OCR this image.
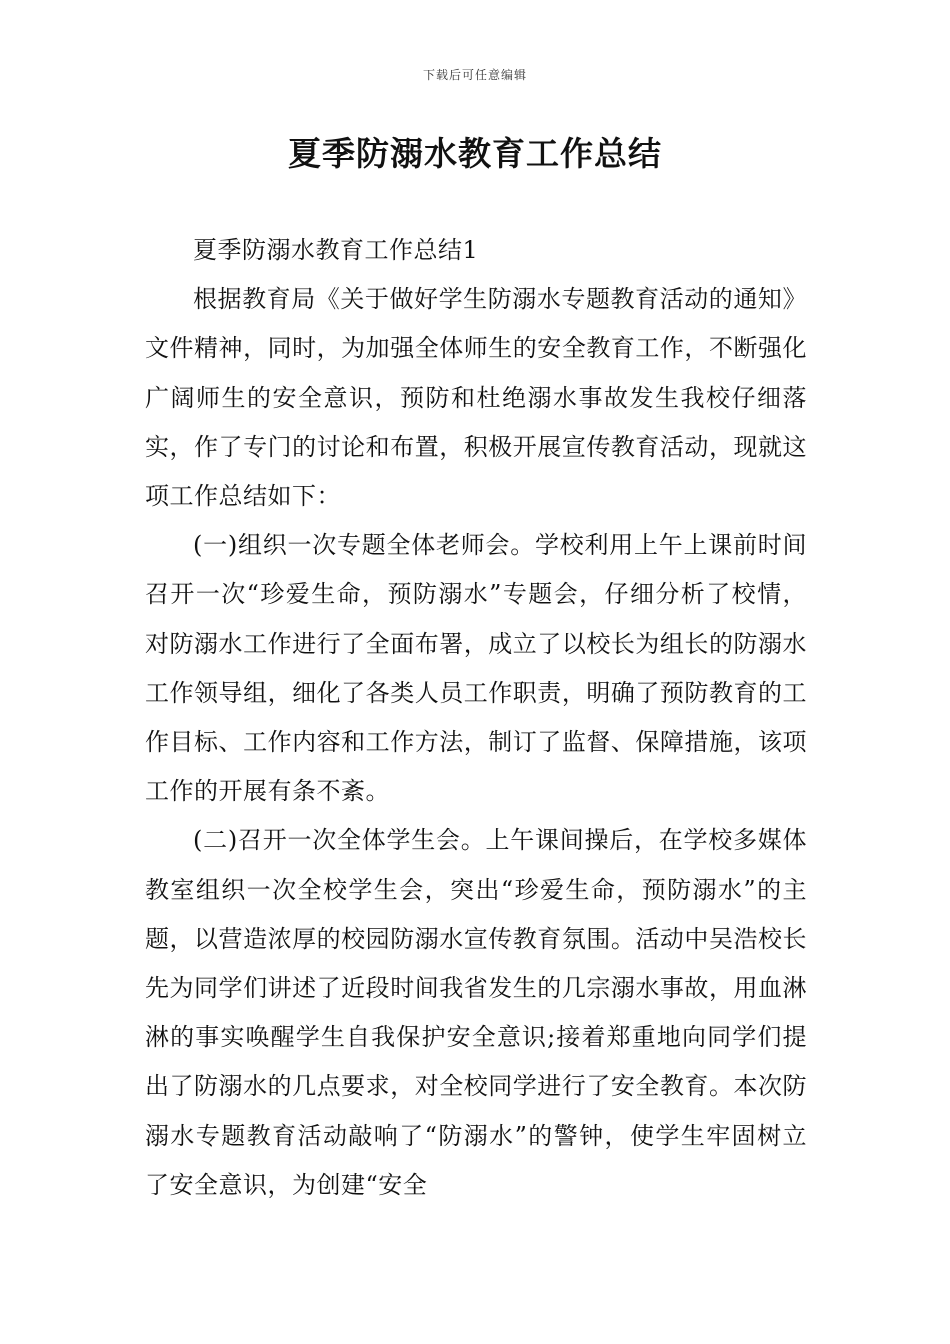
下载后可任意编辑
夏季防溺水教育工作总结

夏季防溺水教育工作总结1

根据教育局《关于做好学生防溺水专题教育活动的通知》文件精神，同时，为加强全体师生的安全教育工作，不断强化广阔师生的安全意识，预防和杜绝溺水事故发生我校仔细落实，作了专门的讨论和布置，积极开展宣传教育活动，现就这项工作总结如下：

(一)组织一次专题全体老师会。学校利用上午上课前时间召开一次“珍爱生命，预防溺水”专题会，仔细分析了校情，对防溺水工作进行了全面布署，成立了以校长为组长的防溺水工作领导组，细化了各类人员工作职责，明确了预防教育的工作目标、工作内容和工作方法，制订了监督、保障措施，该项工作的开展有条不紊。

(二)召开一次全体学生会。上午课间操后，在学校多媒体教室组织一次全校学生会，突出“珍爱生命，预防溺水”的主题，以营造浓厚的校园防溺水宣传教育氛围。活动中吴浩校长先为同学们讲述了近段时间我省发生的几宗溺水事故，用血淋淋的事实唤醒学生自我保护安全意识;接着郑重地向同学们提出了防溺水的几点要求，对全校同学进行了安全教育。本次防溺水专题教育活动敲响了“防溺水”的警钟，使学生牢固树立了安全意识，为创建“安全
